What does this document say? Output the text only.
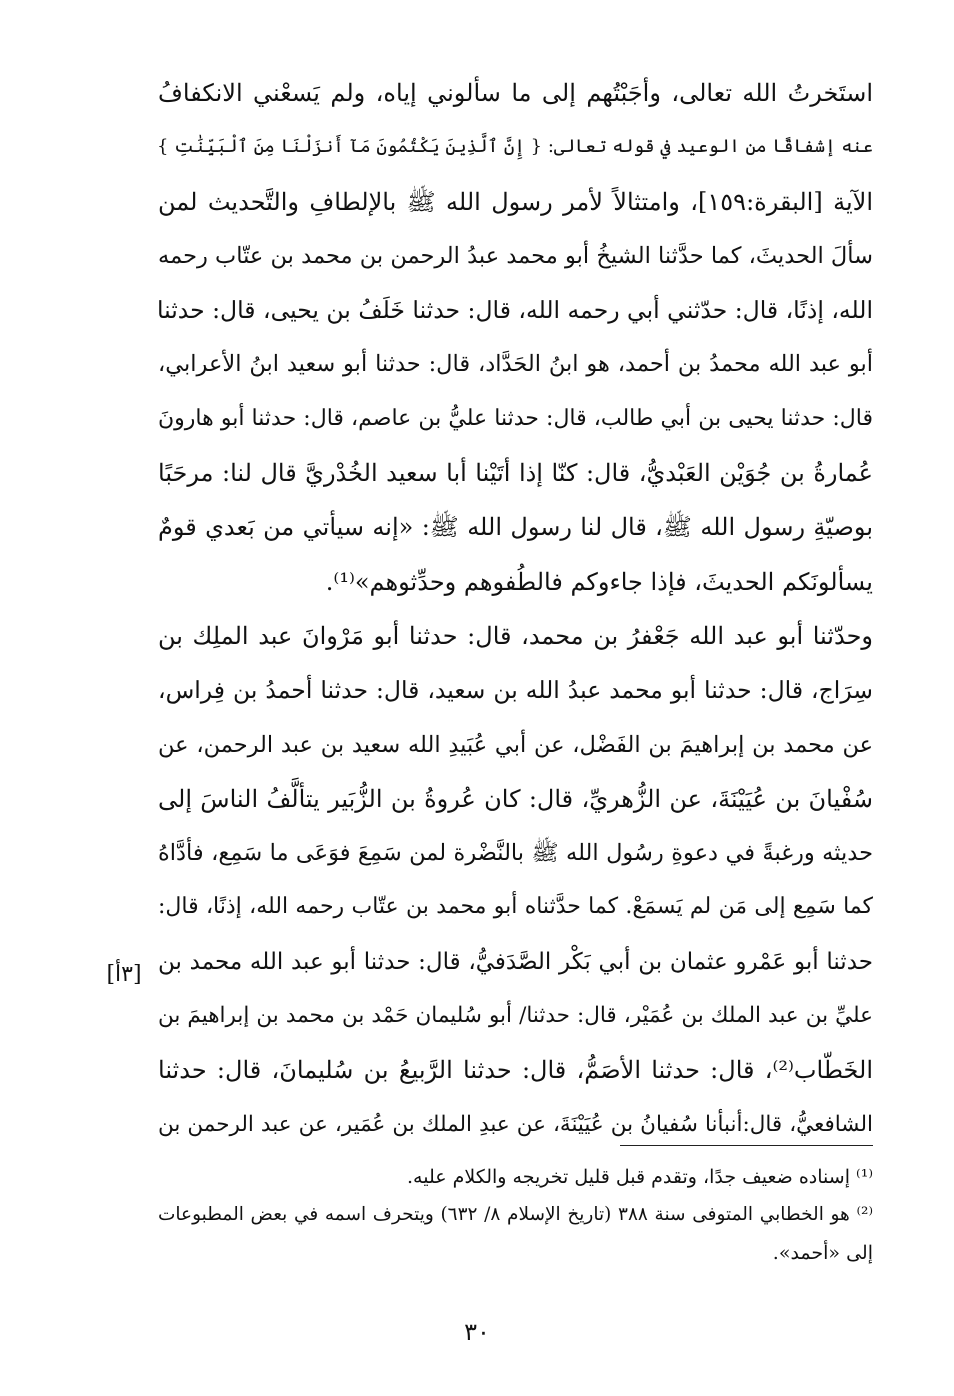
استَخرتُ الله تعالى، وأجَبْتُهم إلى ما سألوني إياه، ولم يَسعْني الانكفافُ
عنه إشفاقًا من الوعيد في قوله تعالى: { إِنَّ ٱلَّذِينَ يَكْتُمُونَ مَآ أَنزَلْنَا مِنَ ٱلْبَيِّنَٰتِ }
الآية [البقرة:١٥٩]، وامتثالاً لأمر رسول الله ﷺ بالإلطافِ والتَّحديث لمن
سألَ الحديثَ، كما حدَّثنا الشيخُ أبو محمد عبدُ الرحمن بن محمد بن عتّاب رحمه
الله، إذنًا، قال: حدّثني أبي رحمه الله، قال: حدثنا خَلَفُ بن يحيى، قال: حدثنا
أبو عبد الله محمدُ بن أحمد، هو ابنُ الحَدَّاد، قال: حدثنا أبو سعيد ابنُ الأعرابي،
قال: حدثنا يحيى بن أبي طالب، قال: حدثنا عليُّ بن عاصم، قال: حدثنا أبو هارونَ
عُمارةُ بن جُوَيْن العَبْديُّ، قال: كنّا إذا أتَيْنا أبا سعيد الخُدْريَّ قال لنا: مرحَبًا
بوصيّةِ رسول الله ﷺ، قال لنا رسول الله ﷺ: «إنه سيأتي من بَعدي قومٌ
يسألونَكم الحديثَ، فإذا جاءوكم فالطُفوهم وحدِّثوهم»⁽¹⁾.
وحدّثنا أبو عبد الله جَعْفرُ بن محمد، قال: حدثنا أبو مَرْوانَ عبد الملِك بن
سِرَاج، قال: حدثنا أبو محمد عبدُ الله بن سعيد، قال: حدثنا أحمدُ بن فِراس،
عن محمد بن إبراهيمَ بن الفَضْل، عن أبي عُبَيدِ الله سعيد بن عبد الرحمن، عن
سُفْيانَ بن عُيَيْنَةَ، عن الزُّهريِّ، قال: كان عُروةُ بن الزُّبَير يتألَّفُ الناسَ إلى
حديثه ورغبةً في دعوةِ رسُول الله ﷺ بالنَّضْرة لمن سَمِعَ فوَعَى ما سَمِع، فأدَّاهُ
كما سَمِع إلى مَن لم يَسمَعْ. كما حدَّثناه أبو محمد بن عتّاب رحمه الله، إذنًا، قال:
حدثنا أبو عَمْرو عثمان بن أبي بَكْر الصَّدَفيُّ، قال: حدثنا أبو عبد الله محمد بن
عليِّ بن عبد الملك بن عُمَيْر، قال: حدثنا/ أبو سُليمان حَمْد بن محمد بن إبراهيمَ بن
الخَطّاب⁽²⁾، قال: حدثنا الأصَمُّ، قال: حدثنا الرَّبيعُ بن سُليمانَ، قال: حدثنا
الشافعيُّ، قال:أنبأنا سُفيانُ بن عُيَيْنَةَ، عن عبدِ الملك بن عُمَير، عن عبد الرحمن بن
[٣أ]
⁽¹⁾ إسناده ضعيف جدًا، وتقدم قبل قليل تخريجه والكلام عليه.
⁽²⁾ هو الخطابي المتوفى سنة ٣٨٨ (تاريخ الإسلام ٨/ ٦٣٢) ويتحرف اسمه في بعض المطبوعات
إلى «أحمد».
٣٠
